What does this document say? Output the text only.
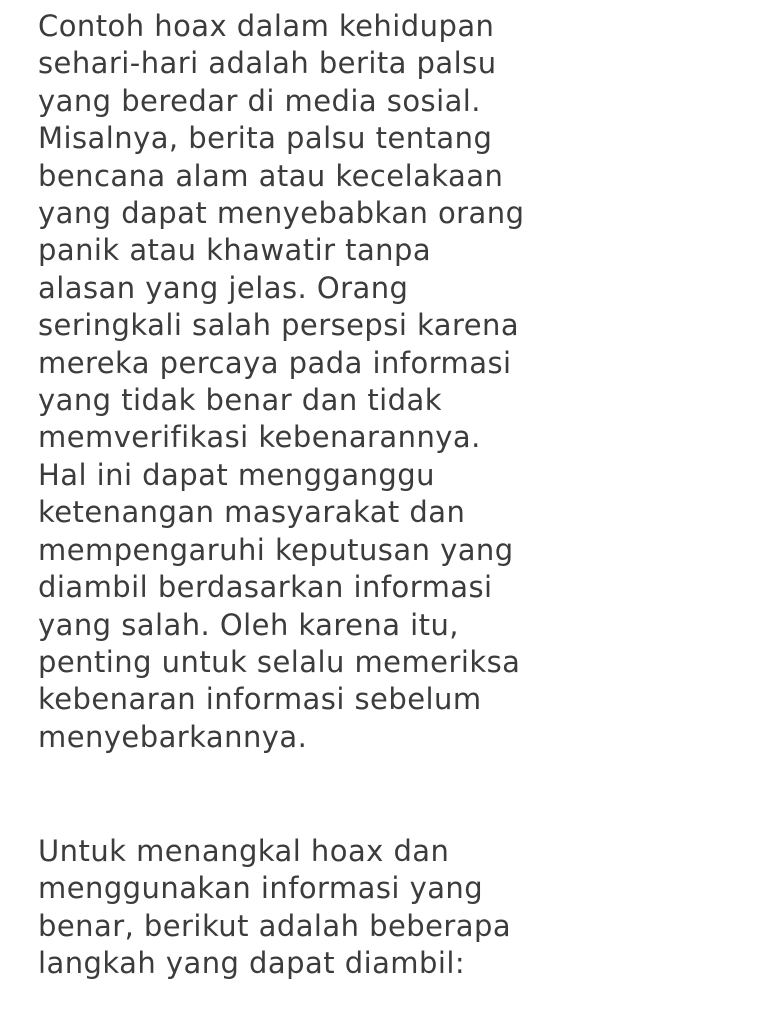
Contoh hoax dalam kehidupan
sehari-hari adalah berita palsu
yang beredar di media sosial.
Misalnya, berita palsu tentang
bencana alam atau kecelakaan
yang dapat menyebabkan orang
panik atau khawatir tanpa
alasan yang jelas. Orang
seringkali salah persepsi karena
mereka percaya pada informasi
yang tidak benar dan tidak
memverifikasi kebenarannya.
Hal ini dapat mengganggu
ketenangan masyarakat dan
mempengaruhi keputusan yang
diambil berdasarkan informasi
yang salah. Oleh karena itu,
penting untuk selalu memeriksa
kebenaran informasi sebelum
menyebarkannya.

Untuk menangkal hoax dan
menggunakan informasi yang
benar, berikut adalah beberapa
langkah yang dapat diambil:
